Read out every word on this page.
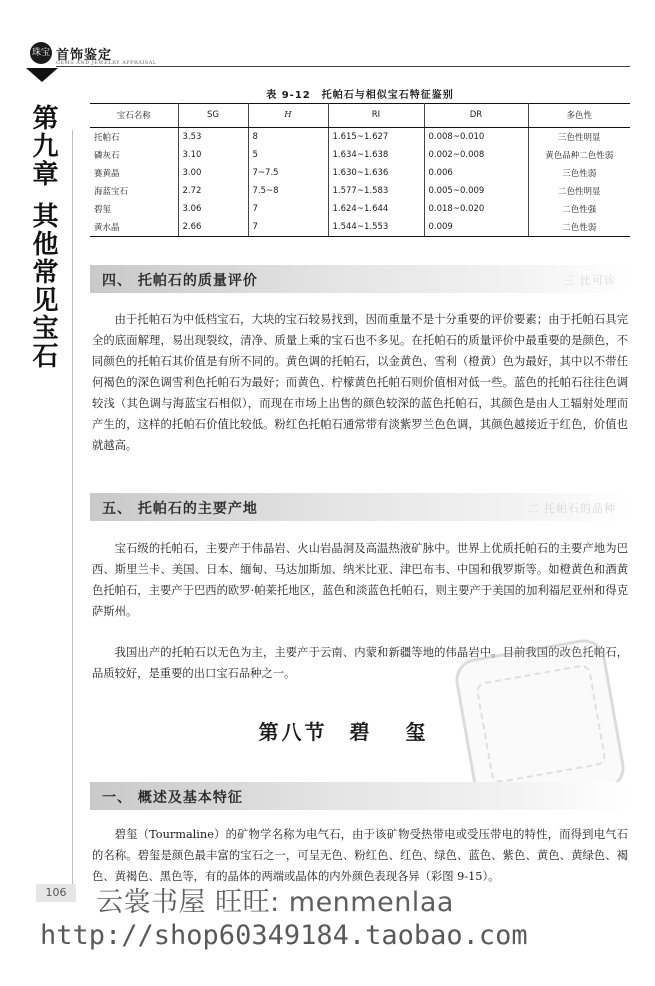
珠宝 首饰鉴定
GEMS AND JEWELRY APPRAISAL
第九章其他常见宝石
表 9-12　托帕石与相似宝石特征鉴别
宝石名称	SG	H	RI	DR	多色性
托帕石	3.53	8	1.615~1.627	0.008~0.010	三色性明显
磷灰石	3.10	5	1.634~1.638	0.002~0.008	黄色品种二色性弱
赛黄晶	3.00	7~7.5	1.630~1.636	0.006	三色性弱
海蓝宝石	2.72	7.5~8	1.577~1.583	0.005~0.009	二色性明显
碧玺	3.06	7	1.624~1.644	0.018~0.020	二色性强
黄水晶	2.66	7	1.544~1.553	0.009	二色性弱
四、 托帕石的质量评价	三 比可诊

由于托帕石为中低档宝石，大块的宝石较易找到，因而重量不是十分重要的评价要素；由于托帕石具完全的底面解理，易出现裂纹，清净、质量上乘的宝石也不多见。在托帕石的质量评价中最重要的是颜色，不同颜色的托帕石其价值是有所不同的。黄色调的托帕石，以金黄色、雪利（橙黄）色为最好，其中以不带任何褐色的深色调雪利色托帕石为最好；而黄色、柠檬黄色托帕石则价值相对低一些。蓝色的托帕石往往色调较浅（其色调与海蓝宝石相似），而现在市场上出售的颜色较深的蓝色托帕石，其颜色是由人工辐射处理而产生的，这样的托帕石价值比较低。粉红色托帕石通常带有淡紫罗兰色色调，其颜色越接近于红色，价值也就越高。

五、 托帕石的主要产地	二 托帕石的品种

宝石级的托帕石，主要产于伟晶岩、火山岩晶洞及高温热液矿脉中。世界上优质托帕石的主要产地为巴西、斯里兰卡、美国、日本、缅甸、马达加斯加、纳米比亚、津巴布韦、中国和俄罗斯等。如橙黄色和酒黄色托帕石，主要产于巴西的欧罗·帕莱托地区，蓝色和淡蓝色托帕石，则主要产于美国的加利福尼亚州和得克萨斯州。

我国出产的托帕石以无色为主，主要产于云南、内蒙和新疆等地的伟晶岩中。目前我国的改色托帕石，品质较好，是重要的出口宝石品种之一。

第八节 碧玺
一、 概述及基本特征

碧玺（Tourmaline）的矿物学名称为电气石，由于该矿物受热带电或受压带电的特性，而得到电气石的名称。碧玺是颜色最丰富的宝石之一，可呈无色、粉红色、红色、绿色、蓝色、紫色、黄色、黄绿色、褐色、黄褐色、黑色等，有的晶体的两端或晶体的内外颜色表现各异（彩图 9-15）。

106	云裳书屋 旺旺: menmenlaa
http://shop60349184.taobao.com
